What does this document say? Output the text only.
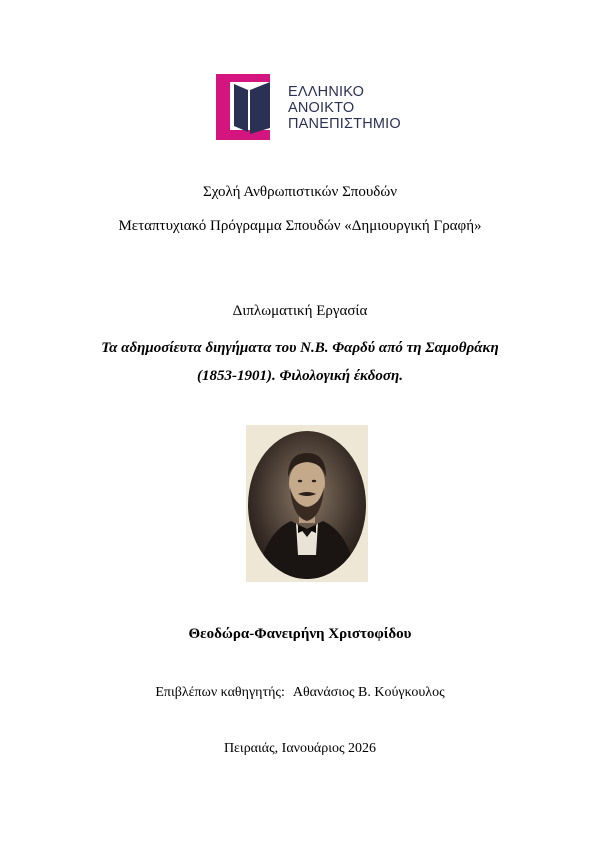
ΕΛΛΗΝΙΚΟ
ΑΝΟΙΚΤΟ
ΠΑΝΕΠΙΣΤΗΜΙΟ
Σχολή Ανθρωπιστικών Σπουδών
Μεταπτυχιακό Πρόγραμμα Σπουδών «Δημιουργική Γραφή»
Διπλωματική Εργασία
Τα αδημοσίευτα διηγήματα του Ν.Β. Φαρδύ από τη Σαμοθράκη
(1853-1901). Φιλολογική έκδοση.
Θεοδώρα-Φανειρήνη Χριστοφίδου
Επιβλέπων καθηγητής: Αθανάσιος Β. Κούγκουλος
Πειραιάς, Ιανουάριος 2026
